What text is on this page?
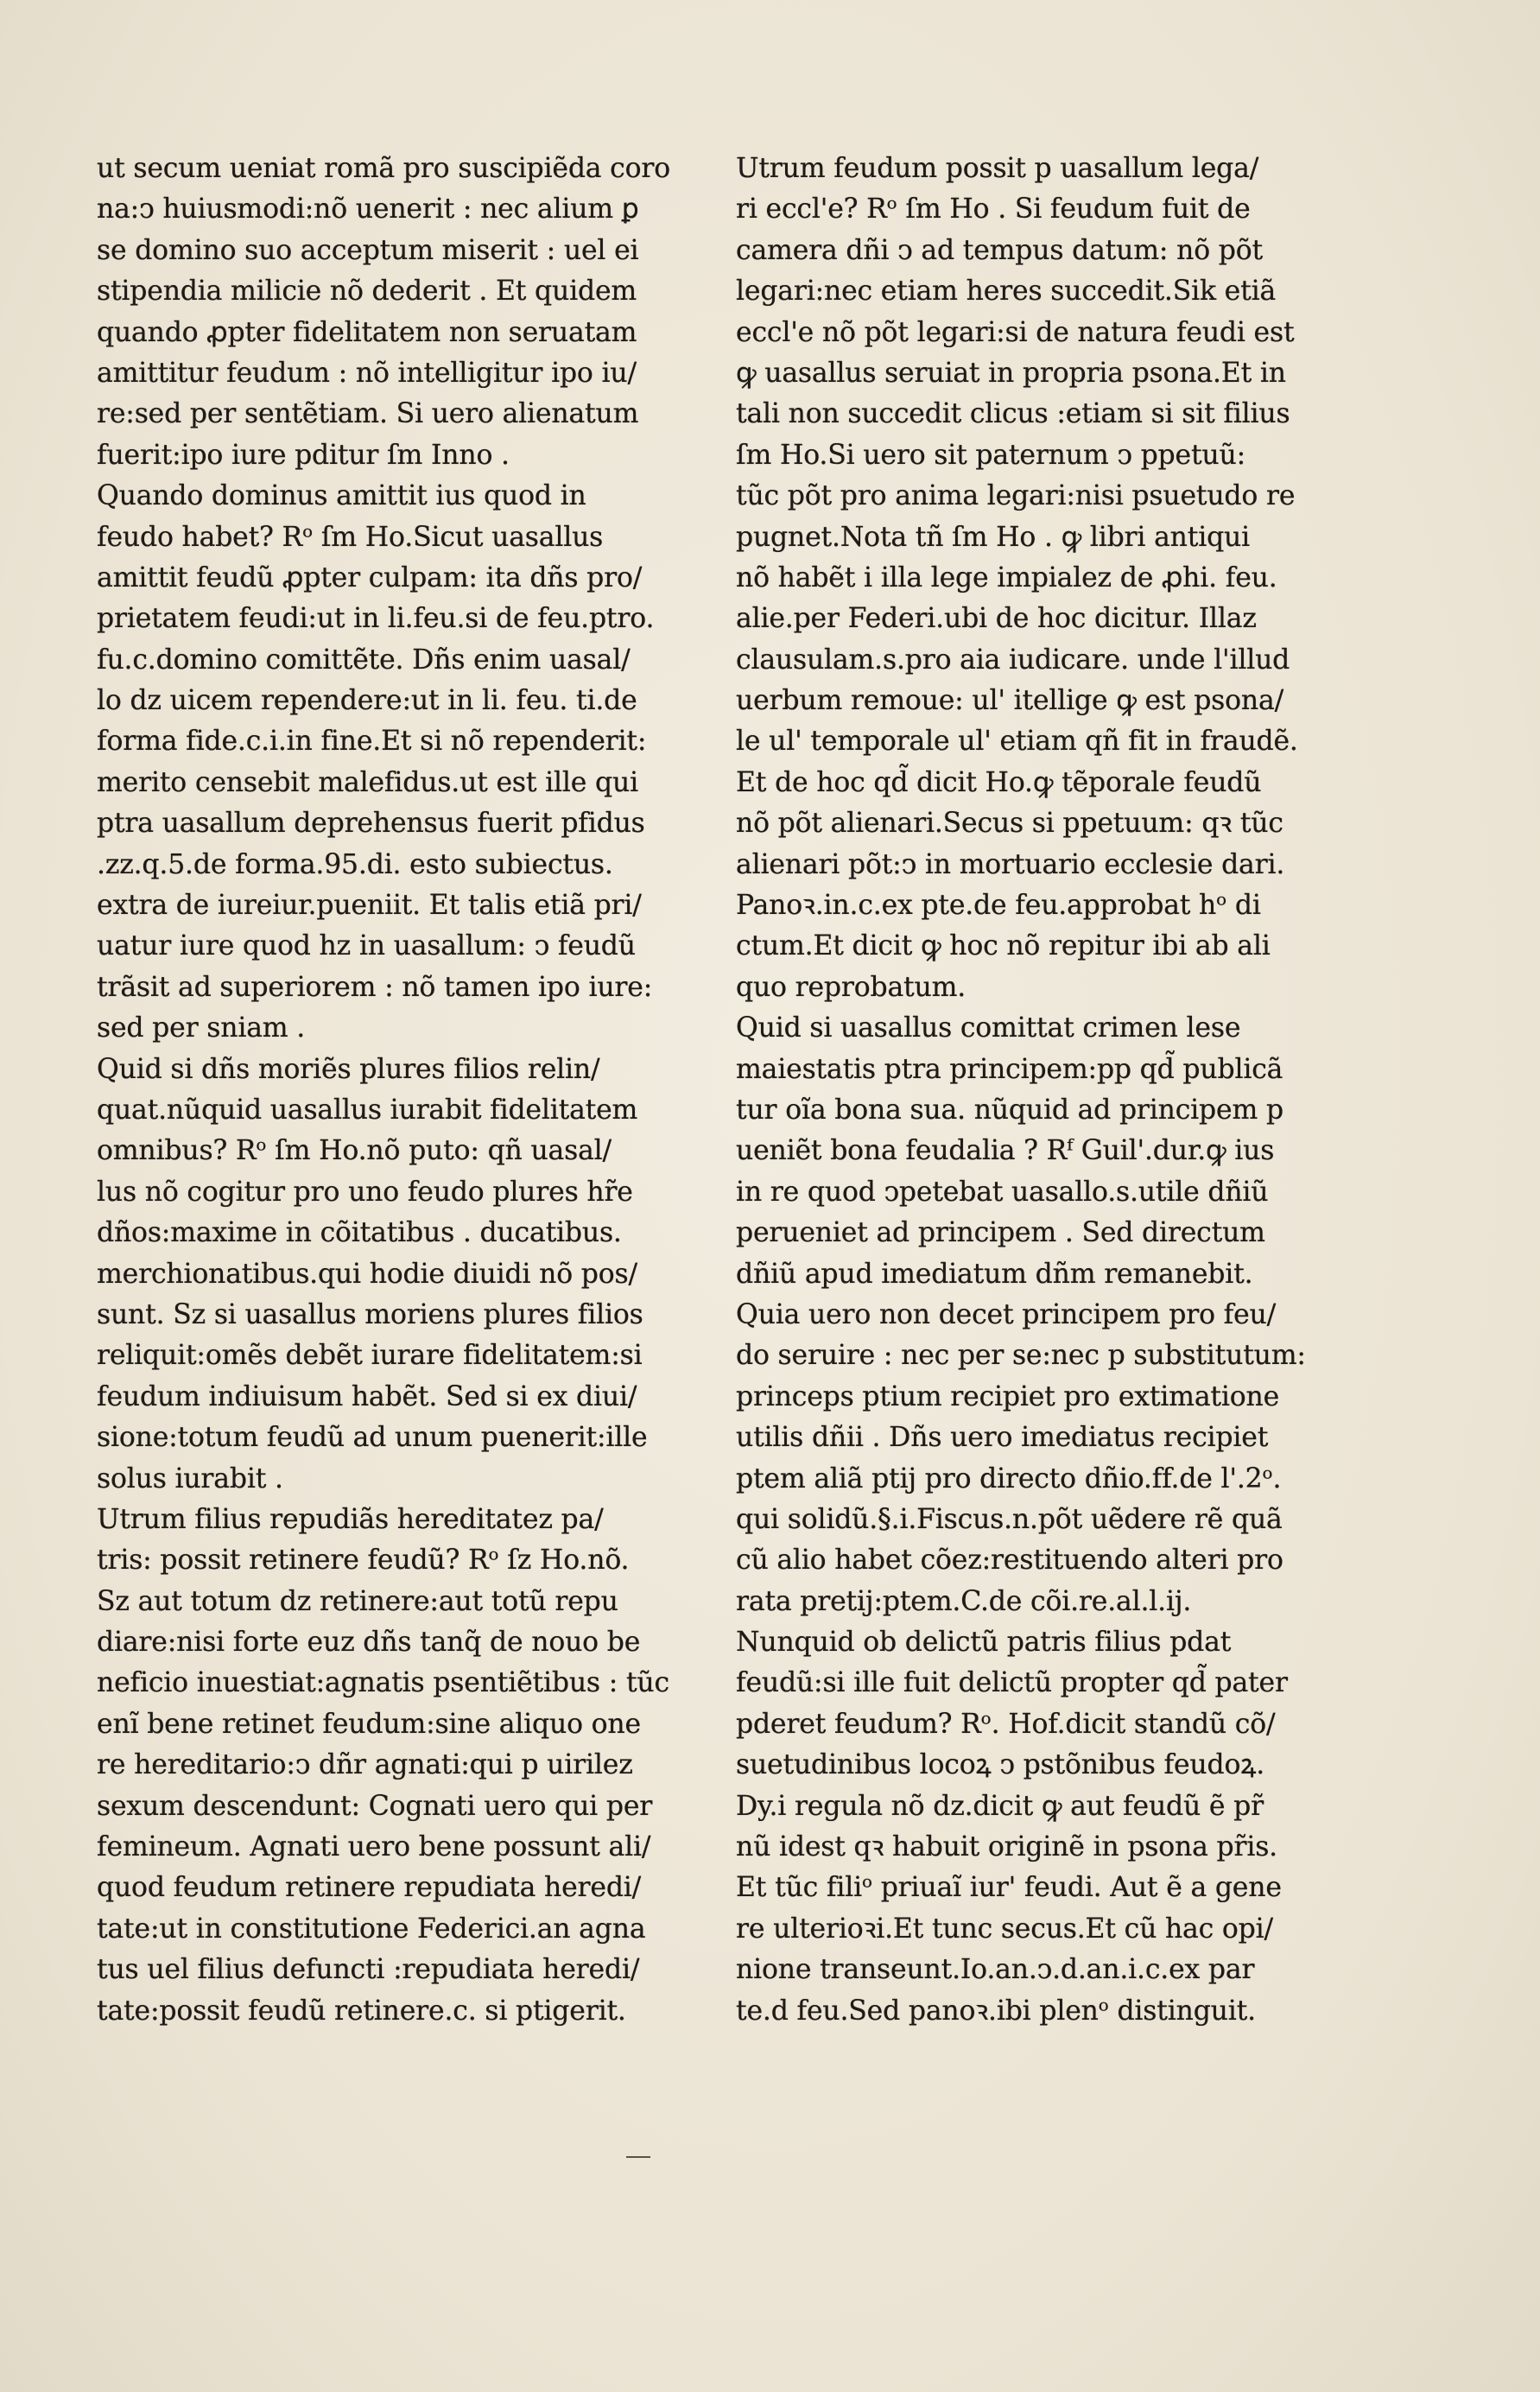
ut secum ueniat romã pro suscipiẽda coro
na:ↄ huiusmodi:nõ uenerit : nec alium ꝑ
se domino suo acceptum miserit : uel ei
stipendia milicie nõ dederit . Et quidem
quando ꝓpter fidelitatem non seruatam
amittitur feudum : nõ intelligitur ipo iu/
re:sed per sentẽtiam. Si uero alienatum
fuerit:ipo iure pditur ſm Inno .
Quando dominus amittit ius quod in
feudo habet? Rᵒ ſm Ho.Sicut uasallus
amittit feudũ ꝓpter culpam: ita dñs pro/
prietatem feudi:ut in li.feu.si de feu.ptro.
fu.c.domino comittẽte. Dñs enim uasal/
lo dz uicem rependere:ut in li. feu. ti.de
forma fide.c.i.in fine.Et si nõ rependerit:
merito censebit malefidus.ut est ille qui
ptra uasallum deprehensus fuerit pfidus
.zz.q.5.de forma.95.di. esto subiectus.
extra de iureiur.pueniit. Et talis etiã pri/
uatur iure quod hz in uasallum: ↄ feudũ
trãsit ad superiorem : nõ tamen ipo iure:
sed per sniam .
Quid si dñs moriẽs plures filios relin/
quat.nũquid uasallus iurabit fidelitatem
omnibus? Rᵒ ſm Ho.nõ puto: qñ uasal/
lus nõ cogitur pro uno feudo plures hr̃e
dños:maxime in cõitatibus . ducatibus.
merchionatibus.qui hodie diuidi nõ pos/
sunt. Sz si uasallus moriens plures filios
reliquit:omẽs debẽt iurare fidelitatem:si
feudum indiuisum habẽt. Sed si ex diui/
sione:totum feudũ ad unum puenerit:ille
solus iurabit .
Utrum filius repudiãs hereditatez pa/
tris: possit retinere feudũ? Rᵒ ſz Ho.nõ.
Sz aut totum dz retinere:aut totũ repu
diare:nisi forte euz dñs tanq̃ de nouo be
neficio inuestiat:agnatis psentiẽtibus : tũc
enĩ bene retinet feudum:sine aliquo one
re hereditario:ↄ dñr agnati:qui p uirilez
sexum descendunt: Cognati uero qui per
femineum. Agnati uero bene possunt ali/
quod feudum retinere repudiata heredi/
tate:ut in constitutione Federici.an agna
tus uel filius defuncti :repudiata heredi/
tate:possit feudũ retinere.c. si ptigerit.
Utrum feudum possit p uasallum lega/
ri eccl'e? Rᵒ ſm Ho . Si feudum fuit de
camera dñi ↄ ad tempus datum: nõ põt
legari:nec etiam heres succedit.Sik etiã
eccl'e nõ põt legari:si de natura feudi est
ꝙ uasallus seruiat in propria psona.Et in
tali non succedit clicus :etiam si sit filius
ſm Ho.Si uero sit paternum ↄ ppetuũ:
tũc põt pro anima legari:nisi psuetudo re
pugnet.Nota tñ ſm Ho . ꝙ libri antiqui
nõ habẽt i illa lege impialez de ꝓhi. feu.
alie.per Federi.ubi de hoc dicitur. Illaz
clausulam.s.pro aia iudicare. unde l'illud
uerbum remoue: ul' itellige ꝙ est psona/
le ul' temporale ul' etiam qñ fit in fraudẽ.
Et de hoc qd̃ dicit Ho.ꝙ tẽporale feudũ
nõ põt alienari.Secus si ppetuum: qꝛ tũc
alienari põt:ↄ in mortuario ecclesie dari.
Panoꝛ.in.c.ex pte.de feu.approbat hᵒ di
ctum.Et dicit ꝙ hoc nõ repitur ibi ab ali
quo reprobatum.
Quid si uasallus comittat crimen lese
maiestatis ptra principem:pp qd̃ publicã
tur oĩa bona sua. nũquid ad principem p
ueniẽt bona feudalia ? Rᶠ Guil'.dur.ꝙ ius
in re quod ↄpetebat uasallo.s.utile dñiũ
perueniet ad principem . Sed directum
dñiũ apud imediatum dñm remanebit.
Quia uero non decet principem pro feu/
do seruire : nec per se:nec p substitutum:
princeps ptium recipiet pro extimatione
utilis dñii . Dñs uero imediatus recipiet
ptem aliã ptij pro directo dñio.ff.de l'.2ᵒ.
qui solidũ.§.i.Fiscus.n.põt uẽdere rẽ quã
cũ alio habet cõez:restituendo alteri pro
rata pretij:ptem.C.de cõi.re.al.l.ij.
Nunquid ob delictũ patris filius pdat
feudũ:si ille fuit delictũ propter qd̃ pater
pderet feudum? Rᵒ. Hof.dicit standũ cõ/
suetudinibus locoꝝ ↄ pstõnibus feudoꝝ.
Dy.i regula nõ dz.dicit ꝙ aut feudũ ẽ pr̃
nũ idest qꝛ habuit originẽ in psona pr̃is.
Et tũc filiᵒ priuaĩ iur' feudi. Aut ẽ a gene
re ulterioꝛi.Et tunc secus.Et cũ hac opi/
nione transeunt.Io.an.ↄ.d.an.i.c.ex par
te.d feu.Sed panoꝛ.ibi plenᵒ distinguit.
